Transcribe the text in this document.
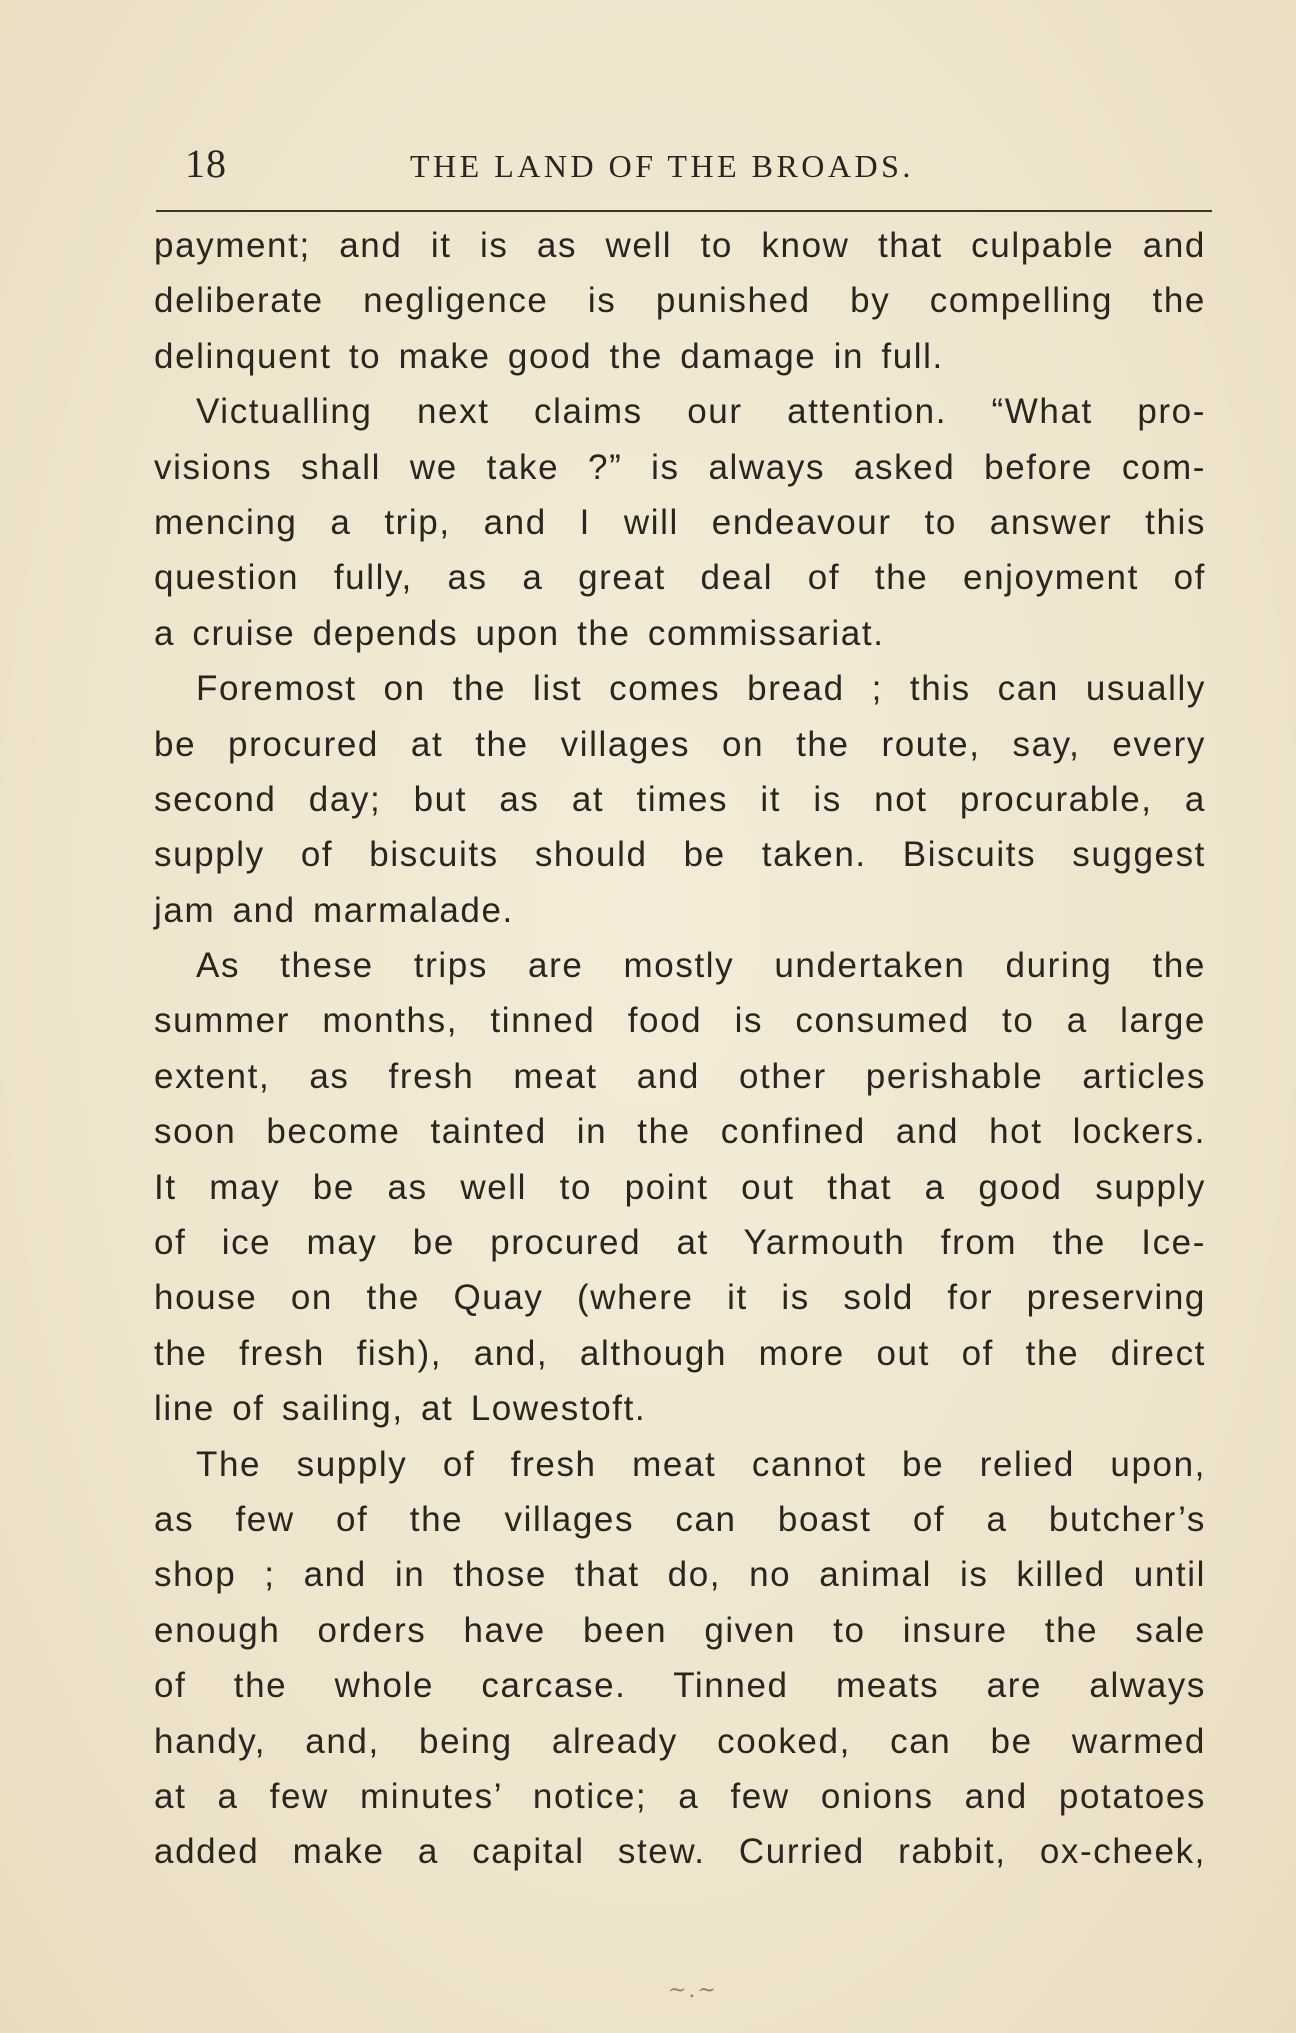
18	THE LAND OF THE BROADS.
payment; and it is as well to know that culpable and
deliberate negligence is punished by compelling the
delinquent to make good the damage in full.
Victualling next claims our attention. “What pro-
visions shall we take ?” is always asked before com-
mencing a trip, and I will endeavour to answer this
question fully, as a great deal of the enjoyment of
a cruise depends upon the commissariat.
Foremost on the list comes bread ; this can usually
be procured at the villages on the route, say, every
second day; but as at times it is not procurable, a
supply of biscuits should be taken. Biscuits suggest
jam and marmalade.
As these trips are mostly undertaken during the
summer months, tinned food is consumed to a large
extent, as fresh meat and other perishable articles
soon become tainted in the confined and hot lockers.
It may be as well to point out that a good supply
of ice may be procured at Yarmouth from the Ice-
house on the Quay (where it is sold for preserving
the fresh fish), and, although more out of the direct
line of sailing, at Lowestoft.
The supply of fresh meat cannot be relied upon,
as few of the villages can boast of a butcher’s
shop ; and in those that do, no animal is killed until
enough orders have been given to insure the sale
of the whole carcase. Tinned meats are always
handy, and, being already cooked, can be warmed
at a few minutes’ notice; a few onions and potatoes
added make a capital stew. Curried rabbit, ox-cheek,
~.~
